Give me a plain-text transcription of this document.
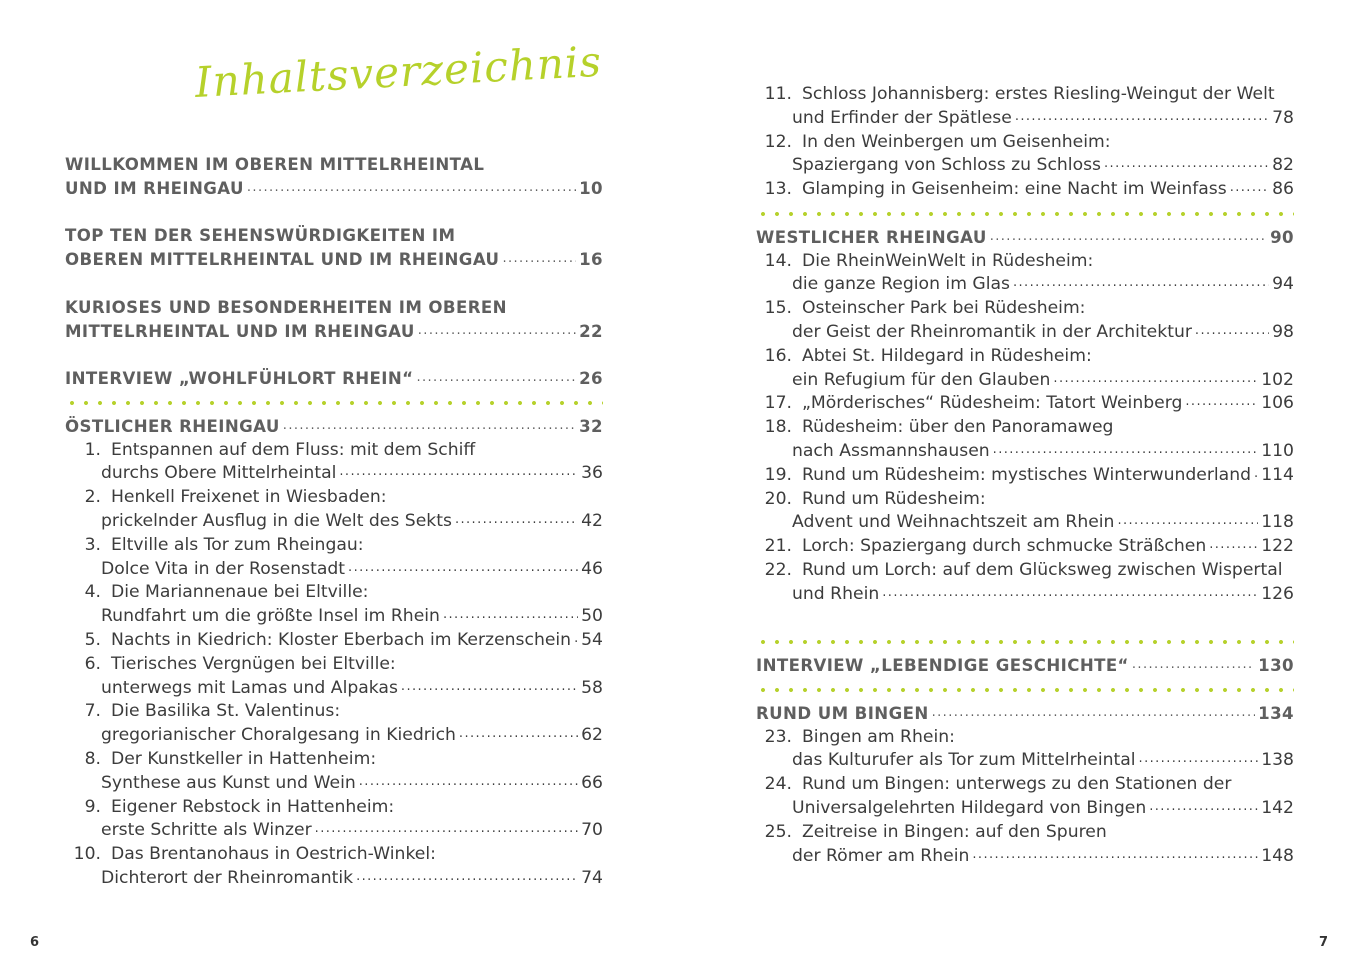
Inhaltsverzeichnis
WILLKOMMEN IM OBEREN MITTELRHEINTAL
UND IM RHEINGAU .....	10
TOP TEN DER SEHENSWÜRDIGKEITEN IM
OBEREN MITTELRHEINTAL UND IM RHEINGAU .....	16
KURIOSES UND BESONDERHEITEN IM OBEREN
MITTELRHEINTAL UND IM RHEINGAU .....	22
INTERVIEW „WOHLFÜHLORT RHEIN“ .....	26
ÖSTLICHER RHEINGAU .....	32
1. Entspannen auf dem Fluss: mit dem Schiff
durchs Obere Mittelrheintal .....	36
2. Henkell Freixenet in Wiesbaden:
prickelnder Ausflug in die Welt des Sekts .....	42
3. Eltville als Tor zum Rheingau:
Dolce Vita in der Rosenstadt .....	46
4. Die Mariannenaue bei Eltville:
Rundfahrt um die größte Insel im Rhein .....	50
5. Nachts in Kiedrich: Kloster Eberbach im Kerzenschein ..... 54
6. Tierisches Vergnügen bei Eltville:
unterwegs mit Lamas und Alpakas .....	58
7. Die Basilika St. Valentinus:
gregorianischer Choralgesang in Kiedrich .....	62
8. Der Kunstkeller in Hattenheim:
Synthese aus Kunst und Wein .....	66
9. Eigener Rebstock in Hattenheim:
erste Schritte als Winzer .....	70
10. Das Brentanohaus in Oestrich-Winkel:
Dichterort der Rheinromantik .....	74
6
11. Schloss Johannisberg: erstes Riesling-Weingut der Welt
und Erfinder der Spätlese .....	78
12. In den Weinbergen um Geisenheim:
Spaziergang von Schloss zu Schloss .....	82
13. Glamping in Geisenheim: eine Nacht im Weinfass .....	86
WESTLICHER RHEINGAU .....	90
14. Die RheinWeinWelt in Rüdesheim:
die ganze Region im Glas .....	94
15. Osteinscher Park bei Rüdesheim:
der Geist der Rheinromantik in der Architektur .....	98
16. Abtei St. Hildegard in Rüdesheim:
ein Refugium für den Glauben .....	102
17. „Mörderisches“ Rüdesheim: Tatort Weinberg .....	106
18. Rüdesheim: über den Panoramaweg
nach Assmannshausen .....	110
19. Rund um Rüdesheim: mystisches Winterwunderland ..... 114
20. Rund um Rüdesheim:
Advent und Weihnachtszeit am Rhein .....	118
21. Lorch: Spaziergang durch schmucke Sträßchen .....	122
22. Rund um Lorch: auf dem Glücksweg zwischen Wispertal
und Rhein .....	126
INTERVIEW „LEBENDIGE GESCHICHTE“ .....	130
RUND UM BINGEN .....	134
23. Bingen am Rhein:
das Kulturufer als Tor zum Mittelrheintal .....	138
24. Rund um Bingen: unterwegs zu den Stationen der
Universalgelehrten Hildegard von Bingen .....	142
25. Zeitreise in Bingen: auf den Spuren
der Römer am Rhein .....	148
7
